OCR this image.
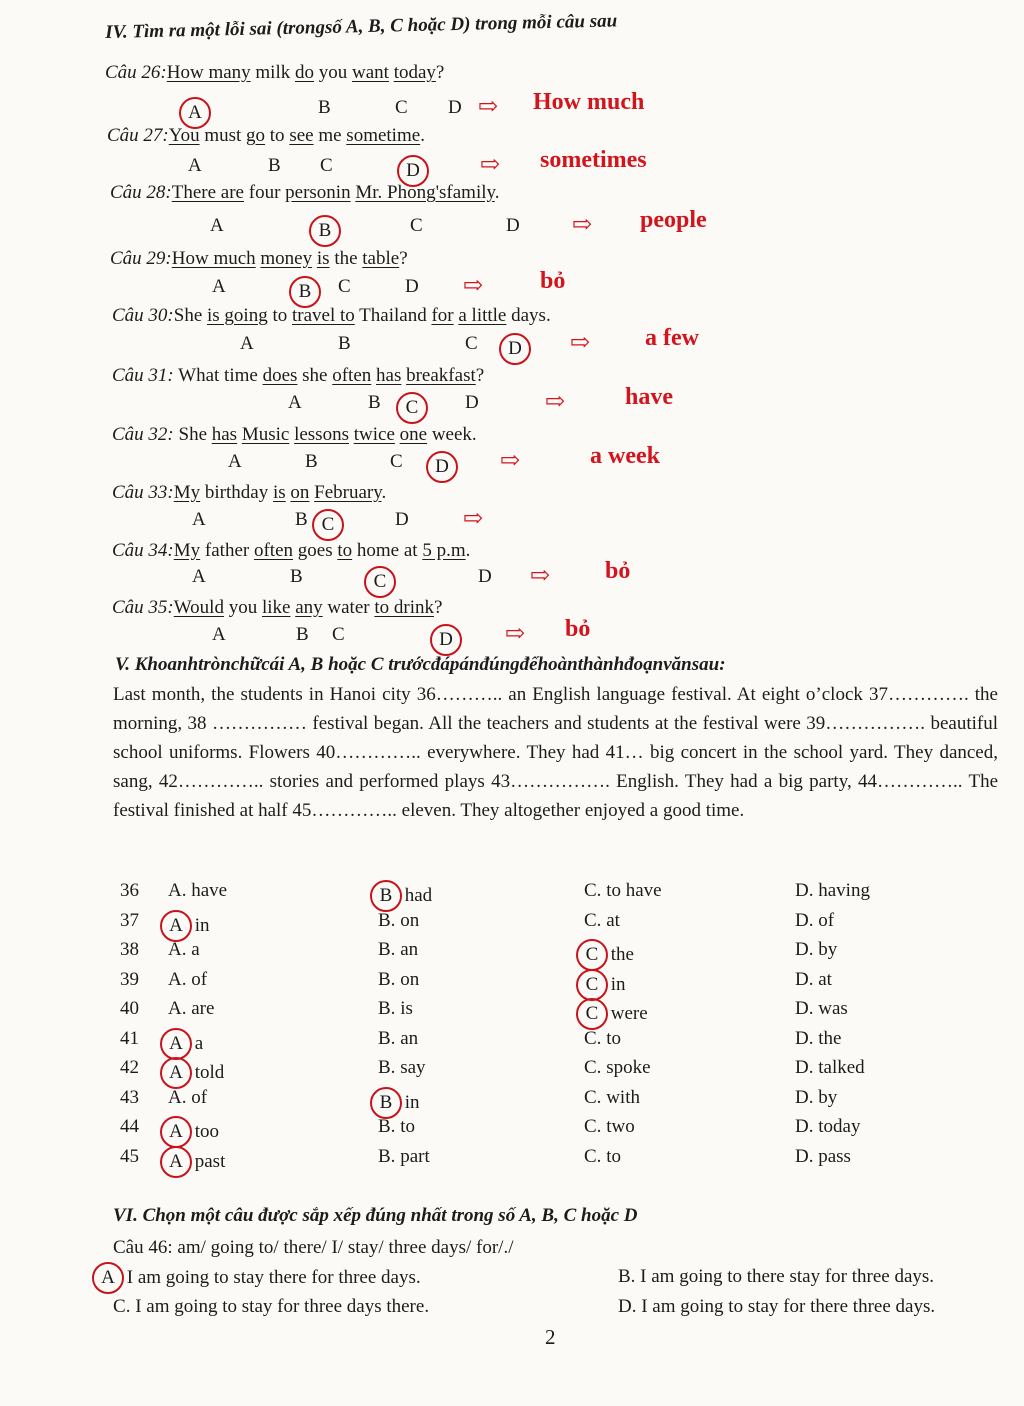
IV. Tìm ra một lỗi sai (trongsố A, B, C hoặc D) trong mỗi câu sau
Câu 26:How many milk do you want today?
A	B	C D ⇨ How much
Câu 27:You must go to see me sometime.
A	B C	D	⇨ sometimes
Câu 28:There are four personin Mr. Phong'sfamily.
A	B	C	D ⇨ people
Câu 29:How much money is the table?
A	B	C	D ⇨ bỏ
Câu 30:She is going to travel to Thailand for a little days.
A	B	C D	⇨ a few
Câu 31: What time does she often has breakfast?
A	B C	D	⇨ have
Câu 32: She has Music lessons twice one week.
A	B	C D	⇨	a week
Câu 33:My birthday is on February.
A	B C	D ⇨
Câu 34:My father often goes to home at 5 p.m.
A	B	C	D ⇨ bỏ
Câu 35:Would you like any water to drink?
A	B C	D	⇨ bỏ
V. Khoanhtrònchữcái A, B hoặc C trướcđápánđúngđểhoànthànhđoạnvănsau:
Last month, the students in Hanoi city 36……….. an English language festival. At eight o’clock 37…………. the morning, 38 …………… festival began. All the teachers and students at the festival were 39……………. beautiful school uniforms. Flowers 40………….. everywhere. They had 41… big concert in the school yard. They danced, sang, 42………….. stories and performed plays 43……………. English. They had a big party, 44………….. The festival finished at half 45………….. eleven. They altogether enjoyed a good time.
36 A. have	B had	C. to have	D. having
37 A in	B. on	C. at	D. of
38 A. a	B. an	C the	D. by
39 A. of	B. on	C in	D. at
40 A. are	B. is	C were	D. was
41 A a	B. an	C. to	D. the
42 A told	B. say	C. spoke	D. talked
43 A. of	B in	C. with	D. by
44 A too	B. to	C. two	D. today
45 A past	B. part	C. to	D. pass
VI. Chọn một câu được sắp xếp đúng nhất trong số A, B, C hoặc D
Câu 46: am/ going to/ there/ I/ stay/ three days/ for/./
A I am going to stay there for three days.	B. I am going to there stay for three days.
C. I am going to stay for three days there.	D. I am going to stay for there three days.
2
